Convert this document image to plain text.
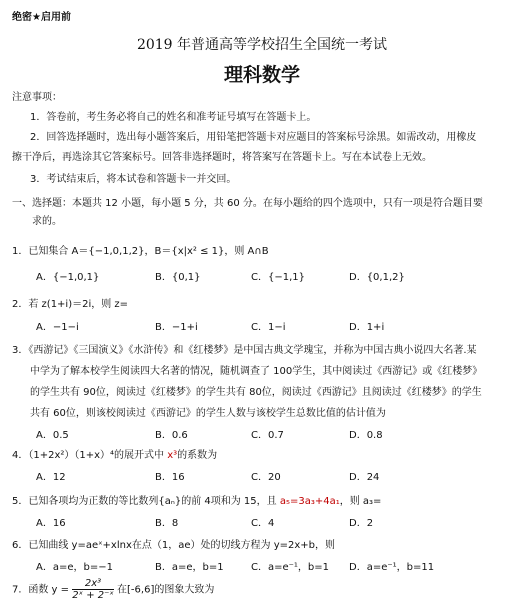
绝密★启用前
2019 年普通高等学校招生全国统一考试
理科数学
注意事项：
1．答卷前，考生务必将自己的姓名和准考证号填写在答题卡上。
2．回答选择题时，选出每小题答案后，用铅笔把答题卡对应题目的答案标号涂黑。如需改动，用橡皮
擦干净后，再选涂其它答案标号。回答非选择题时，将答案写在答题卡上。写在本试卷上无效。
3．考试结束后，将本试卷和答题卡一并交回。
一、选择题：本题共 12 小题，每小题 5 分，共 60 分。在每小题给的四个选项中，只有一项是符合题目要
求的。
1．已知集合 A＝{−1,0,1,2}，B＝{x|x² ≤ 1}，则 A∩B
A．{−1,0,1}	B．{0,1}	C．{−1,1}	D．{0,1,2}
2．若 z(1+i)＝2i，则 z=
A．−1−i	B．−1+i	C．1−i	D．1+i
3．《西游记》《三国演义》《水浒传》和《红楼梦》是中国古典文学瑰宝，并称为中国古典小说四大名著.某
中学为了解本校学生阅读四大名著的情况，随机调查了 100学生，其中阅读过《西游记》或《红楼梦》
的学生共有 90位，阅读过《红楼梦》的学生共有 80位，阅读过《西游记》且阅读过《红楼梦》的学生
共有 60位，则该校阅读过《西游记》的学生人数与该校学生总数比值的估计值为
A．0.5	B．0.6	C．0.7	D．0.8
4．（1+2x²）（1+x）⁴的展开式中 x³的系数为
A．12	B．16	C．20	D．24
5．已知各项均为正数的等比数列{aₙ}的前 4项和为 15，且 a₅=3a₃+4a₁，则 a₃=
A．16	B．8	C．4	D．2
6．已知曲线 y=aeˣ+xlnx在点（1，ae）处的切线方程为 y=2x+b，则
A．a=e，b=−1	B．a=e，b=1	C．a=e⁻¹，b=1 D．a=e⁻¹，b=11
7．函数 $y = \frac{\text{2x³}}{\text{2ˣ + 2⁻ˣ}}$ 在[-6,6]的图象大致为
